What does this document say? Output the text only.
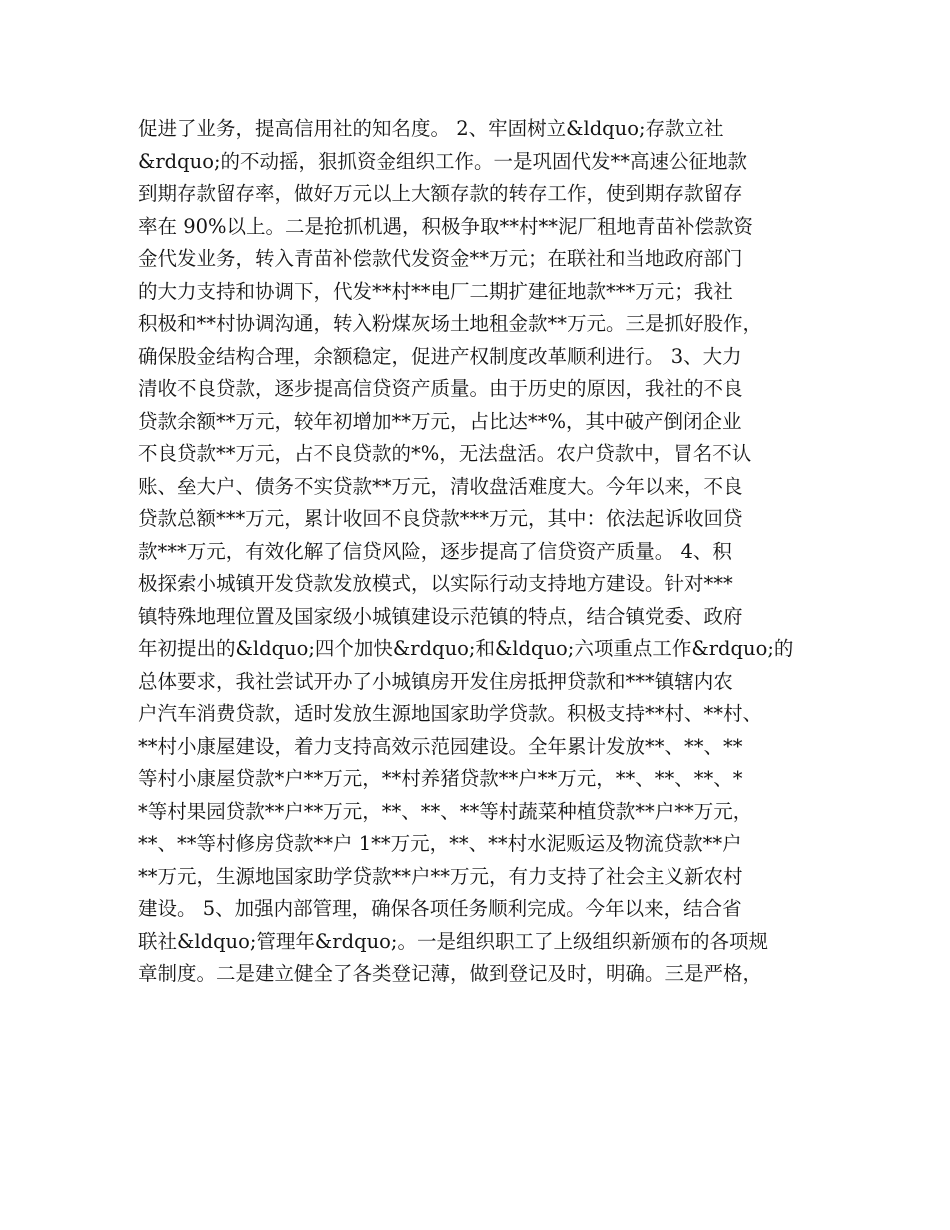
促进了业务，提高信用社的知名度。 2、牢固树立&ldquo;存款立社
&rdquo;的不动摇，狠抓资金组织工作。一是巩固代发**高速公征地款
到期存款留存率，做好万元以上大额存款的转存工作，使到期存款留存
率在 90%以上。二是抢抓机遇，积极争取**村**泥厂租地青苗补偿款资
金代发业务，转入青苗补偿款代发资金**万元；在联社和当地政府部门
的大力支持和协调下，代发**村**电厂二期扩建征地款***万元；我社
积极和**村协调沟通，转入粉煤灰场土地租金款**万元。三是抓好股作，
确保股金结构合理，余额稳定，促进产权制度改革顺利进行。 3、大力
清收不良贷款，逐步提高信贷资产质量。由于历史的原因，我社的不良
贷款余额**万元，较年初增加**万元，占比达**%，其中破产倒闭企业
不良贷款**万元，占不良贷款的*%，无法盘活。农户贷款中，冒名不认
账、垒大户、债务不实贷款**万元，清收盘活难度大。今年以来，不良
贷款总额***万元，累计收回不良贷款***万元，其中：依法起诉收回贷
款***万元，有效化解了信贷风险，逐步提高了信贷资产质量。 4、积
极探索小城镇开发贷款发放模式，以实际行动支持地方建设。针对***
镇特殊地理位置及国家级小城镇建设示范镇的特点，结合镇党委、政府
年初提出的&ldquo;四个加快&rdquo;和&ldquo;六项重点工作&rdquo;的
总体要求，我社尝试开办了小城镇房开发住房抵押贷款和***镇辖内农
户汽车消费贷款，适时发放生源地国家助学贷款。积极支持**村、**村、
**村小康屋建设，着力支持高效示范园建设。全年累计发放**、**、**
等村小康屋贷款*户**万元，**村养猪贷款**户**万元，**、**、**、*
*等村果园贷款**户**万元，**、**、**等村蔬菜种植贷款**户**万元，
**、**等村修房贷款**户 1**万元，**、**村水泥贩运及物流贷款**户
**万元，生源地国家助学贷款**户**万元，有力支持了社会主义新农村
建设。 5、加强内部管理，确保各项任务顺利完成。今年以来，结合省
联社&ldquo;管理年&rdquo;。一是组织职工了上级组织新颁布的各项规
章制度。二是建立健全了各类登记薄，做到登记及时，明确。三是严格，
